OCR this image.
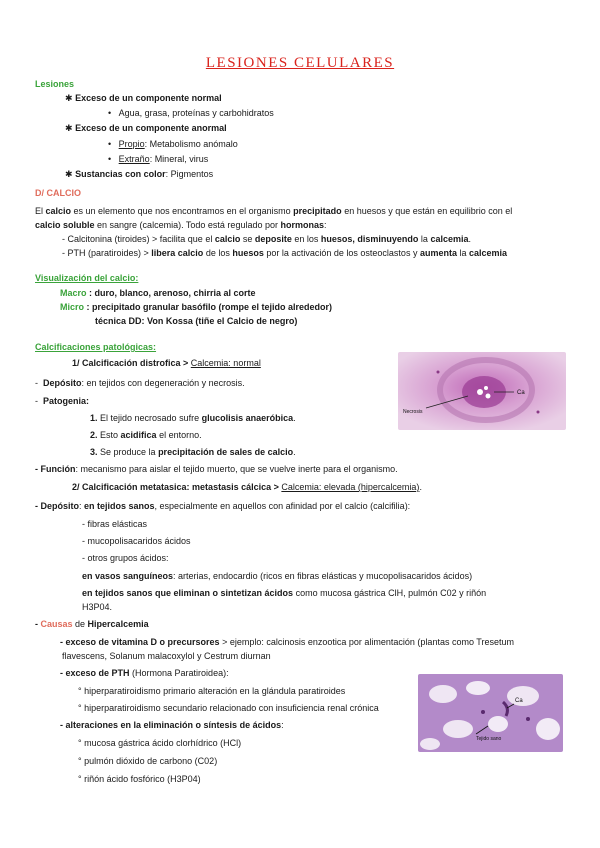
LESIONES CELULARES
Lesiones
✱ Exceso de un componente normal
•   Agua, grasa, proteínas y carbohidratos
✱ Exceso de un componente anormal
•   Propio: Metabolismo anómalo
•   Extraño: Mineral, virus
✱ Sustancias con color: Pigmentos
D/ CALCIO
El calcio es un elemento que nos encontramos en el organismo precipitado en huesos y que están en equilibrio con el
calcio soluble en sangre (calcemia). Todo está regulado por hormonas:
- Calcitonina (tiroides) > facilita que el calcio se deposite en los huesos, disminuyendo la calcemia.
- PTH (paratiroides) > libera calcio de los huesos por la activación de los osteoclastos y aumenta la calcemia
Visualización del calcio:
Macro : duro, blanco, arenoso, chirria al corte
Micro : precipitado granular basófilo (rompe el tejido alrededor)
técnica DD: Von Kossa (tiñe el Calcio de negro)
Calcificaciones patológicas:
1/ Calcificación distrofica > Calcemia: normal
-  Depósito: en tejidos con degeneración y necrosis.
-  Patogenia:
1. El tejido necrosado sufre glucolisis anaeróbica.
2. Esto acidifica el entorno.
3. Se produce la precipitación de sales de calcio.
- Función: mecanismo para aislar el tejido muerto, que se vuelve inerte para el organismo.
2/ Calcificación metatasica: metastasis cálcica > Calcemia: elevada (hipercalcemia).
- Depósito: en tejidos sanos, especialmente en aquellos con afinidad por el calcio (calcifilia):
- fibras elásticas
- mucopolisacaridos ácidos
- otros grupos ácidos:
en vasos sanguíneos: arterias, endocardio (ricos en fibras elásticas y mucopolisacaridos ácidos)
en tejidos sanos que eliminan o sintetizan ácidos como mucosa gástrica ClH, pulmón C02 y riñón
H3P04.
- Causas de Hipercalcemia
- exceso de vitamina D o precursores > ejemplo: calcinosis enzootica por alimentación (plantas como Tresetum
flavescens, Solanum malacoxylol y Cestrum diurnan
- exceso de PTH (Hormona Paratiroidea):
° hiperparatiroidismo primario alteración en la glándula paratiroides
° hiperparatiroidismo secundario relacionado con insuficiencia renal crónica
- alteraciones en la eliminación o síntesis de ácidos:
° mucosa gástrica ácido clorhídrico (HCl)
° pulmón dióxido de carbono (C02)
° riñón ácido fosfórico (H3P04)
Ca
Necrosis
Ca
Tejido sano
